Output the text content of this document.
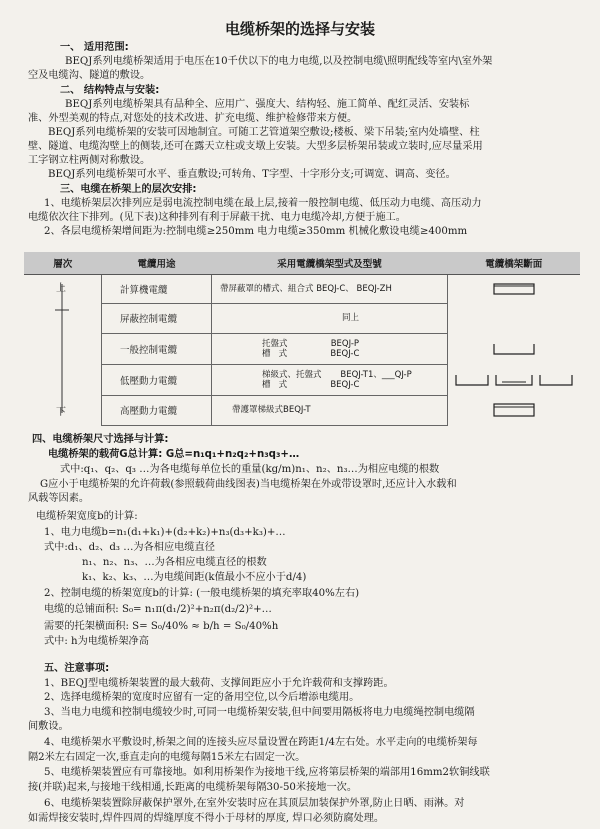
电缆桥架的选择与安装
一、 适用范围:
BEQJ系列电缆桥架适用于电压在10千伏以下的电力电缆,以及控制电缆\照明配线等室内\室外架
空及电缆沟、隧道的敷设。
二、 结构特点与安装:
BEQJ系列电缆桥架具有品种全、应用广、强度大、结构轻、施工简单、配红灵活、安装标
准、外型美观的特点,对您处的技术改进、扩充电缆、维护检修带来方便。
BEQJ系列电缆桥架的安装可因地制宜。可随工艺管道架空敷设;楼板、梁下吊装;室内处墙壁、柱
壁、隧道、电缆沟壁上的侧装,还可在露天立柱或支墩上安装。大型多层桥架吊装或立装时,应尽量采用
工字钢立柱两侧对称敷设。
BEQJ系列电缆桥架可水平、垂直敷设;可转角、T字型、十字形分支;可调宽、调高、变径。
三、电缆在桥架上的层次安排:
1、电缆桥架层次排列应是弱电流控制电缆在最上层,接着一般控制电缆、低压动力电缆、高压动力
电缆依次往下排列。(见下表)这种排列有利于屏蔽干扰、电力电缆冷却,方便于施工。
2、各层电缆桥架增间距为:控制电缆≥250mm 电力电缆≥350mm 机械化敷设电缆≥400mm
層次	電纜用途	采用電纜橋架型式及型號	電纜橋架斷面

上
下	計算機電纜	帶屏蔽罩的槽式、組合式 BEQJ-C、 BEQJ-ZH	
	屏蔽控制電纜	同上	
	一般控制電纜	托盤式                BEQJ-P
槽   式                BEQJ-C	
	低壓動力電纜	梯級式、托盤式       BEQJ-T1、___QJ-P
槽   式                BEQJ-C	
	高壓動力電纜	帶護罩梯級式BEQJ-T	
四、电缆桥架尺寸选择与计算:
电缆桥架的载荷G总计算: G总=n₁q₁+n₂q₂+n₃q₃+…
式中:q₁、q₂、q₃ …为各电缆每单位长的重量(kg/m)n₁、n₂、n₃…为相应电缆的根数
G应小于电缆桥架的允许荷载(参照载荷曲线图表)当电缆桥架在外或带设罩时,还应计入水载和
风载等因素。
电缆桥架宽度b的计算:
1、电力电缆b=n₁(d₁+k₁)+(d₂+k₂)+n₃(d₃+k₃)+…
式中:d₁、d₂、d₃ …为各相应电缆直径
n₁、n₂、n₃、…为各相应电缆直径的根数
k₁、k₂、k₃、…为电缆间距(k值最小不应小于d/4)
2、控制电缆的桥架宽度b的计算: (一般电缆桥架的填充率取40%左右)
电缆的总铺面积: S₀= n₁π(d₁/2)²+n₂π(d₂/2)²+…
需要的托架横面积: S= S₀/40% ≈ b/h = S₀/40%h
式中: h为电缆桥架净高
五、注意事项:
1、BEQJ型电缆桥架装置的最大载荷、支撑间距应小于允许载荷和支撑跨距。
2、选择电缆桥架的宽度时应留有一定的备用空位,以今后增添电缆用。
3、当电力电缆和控制电缆较少时,可同一电缆桥架安装,但中间要用隔板将电力电缆绳控制电缆隔
间敷设。
4、电缆桥架水平敷设时,桥架之间的连接头应尽量设置在跨距1/4左右处。水平走向的电缆桥架每
隔2米左右固定一次,垂直走向的电缆每隔15米左右固定一次。
5、电缆桥架装置应有可靠接地。如利用桥架作为接地干线,应将第层桥架的端部用16mm2软铜线联
接(并联)起来,与接地干线相通,长距离的电缆桥架每隔30-50米接地一次。
6、电缆桥架装置除屏蔽保护罩外,在室外安装时应在其顶层加装保护外罩,防止日晒、雨淋。对
如需焊接安装时,焊件四周的焊缝厚度不得小于母材的厚度, 焊口必须防腐处理。
